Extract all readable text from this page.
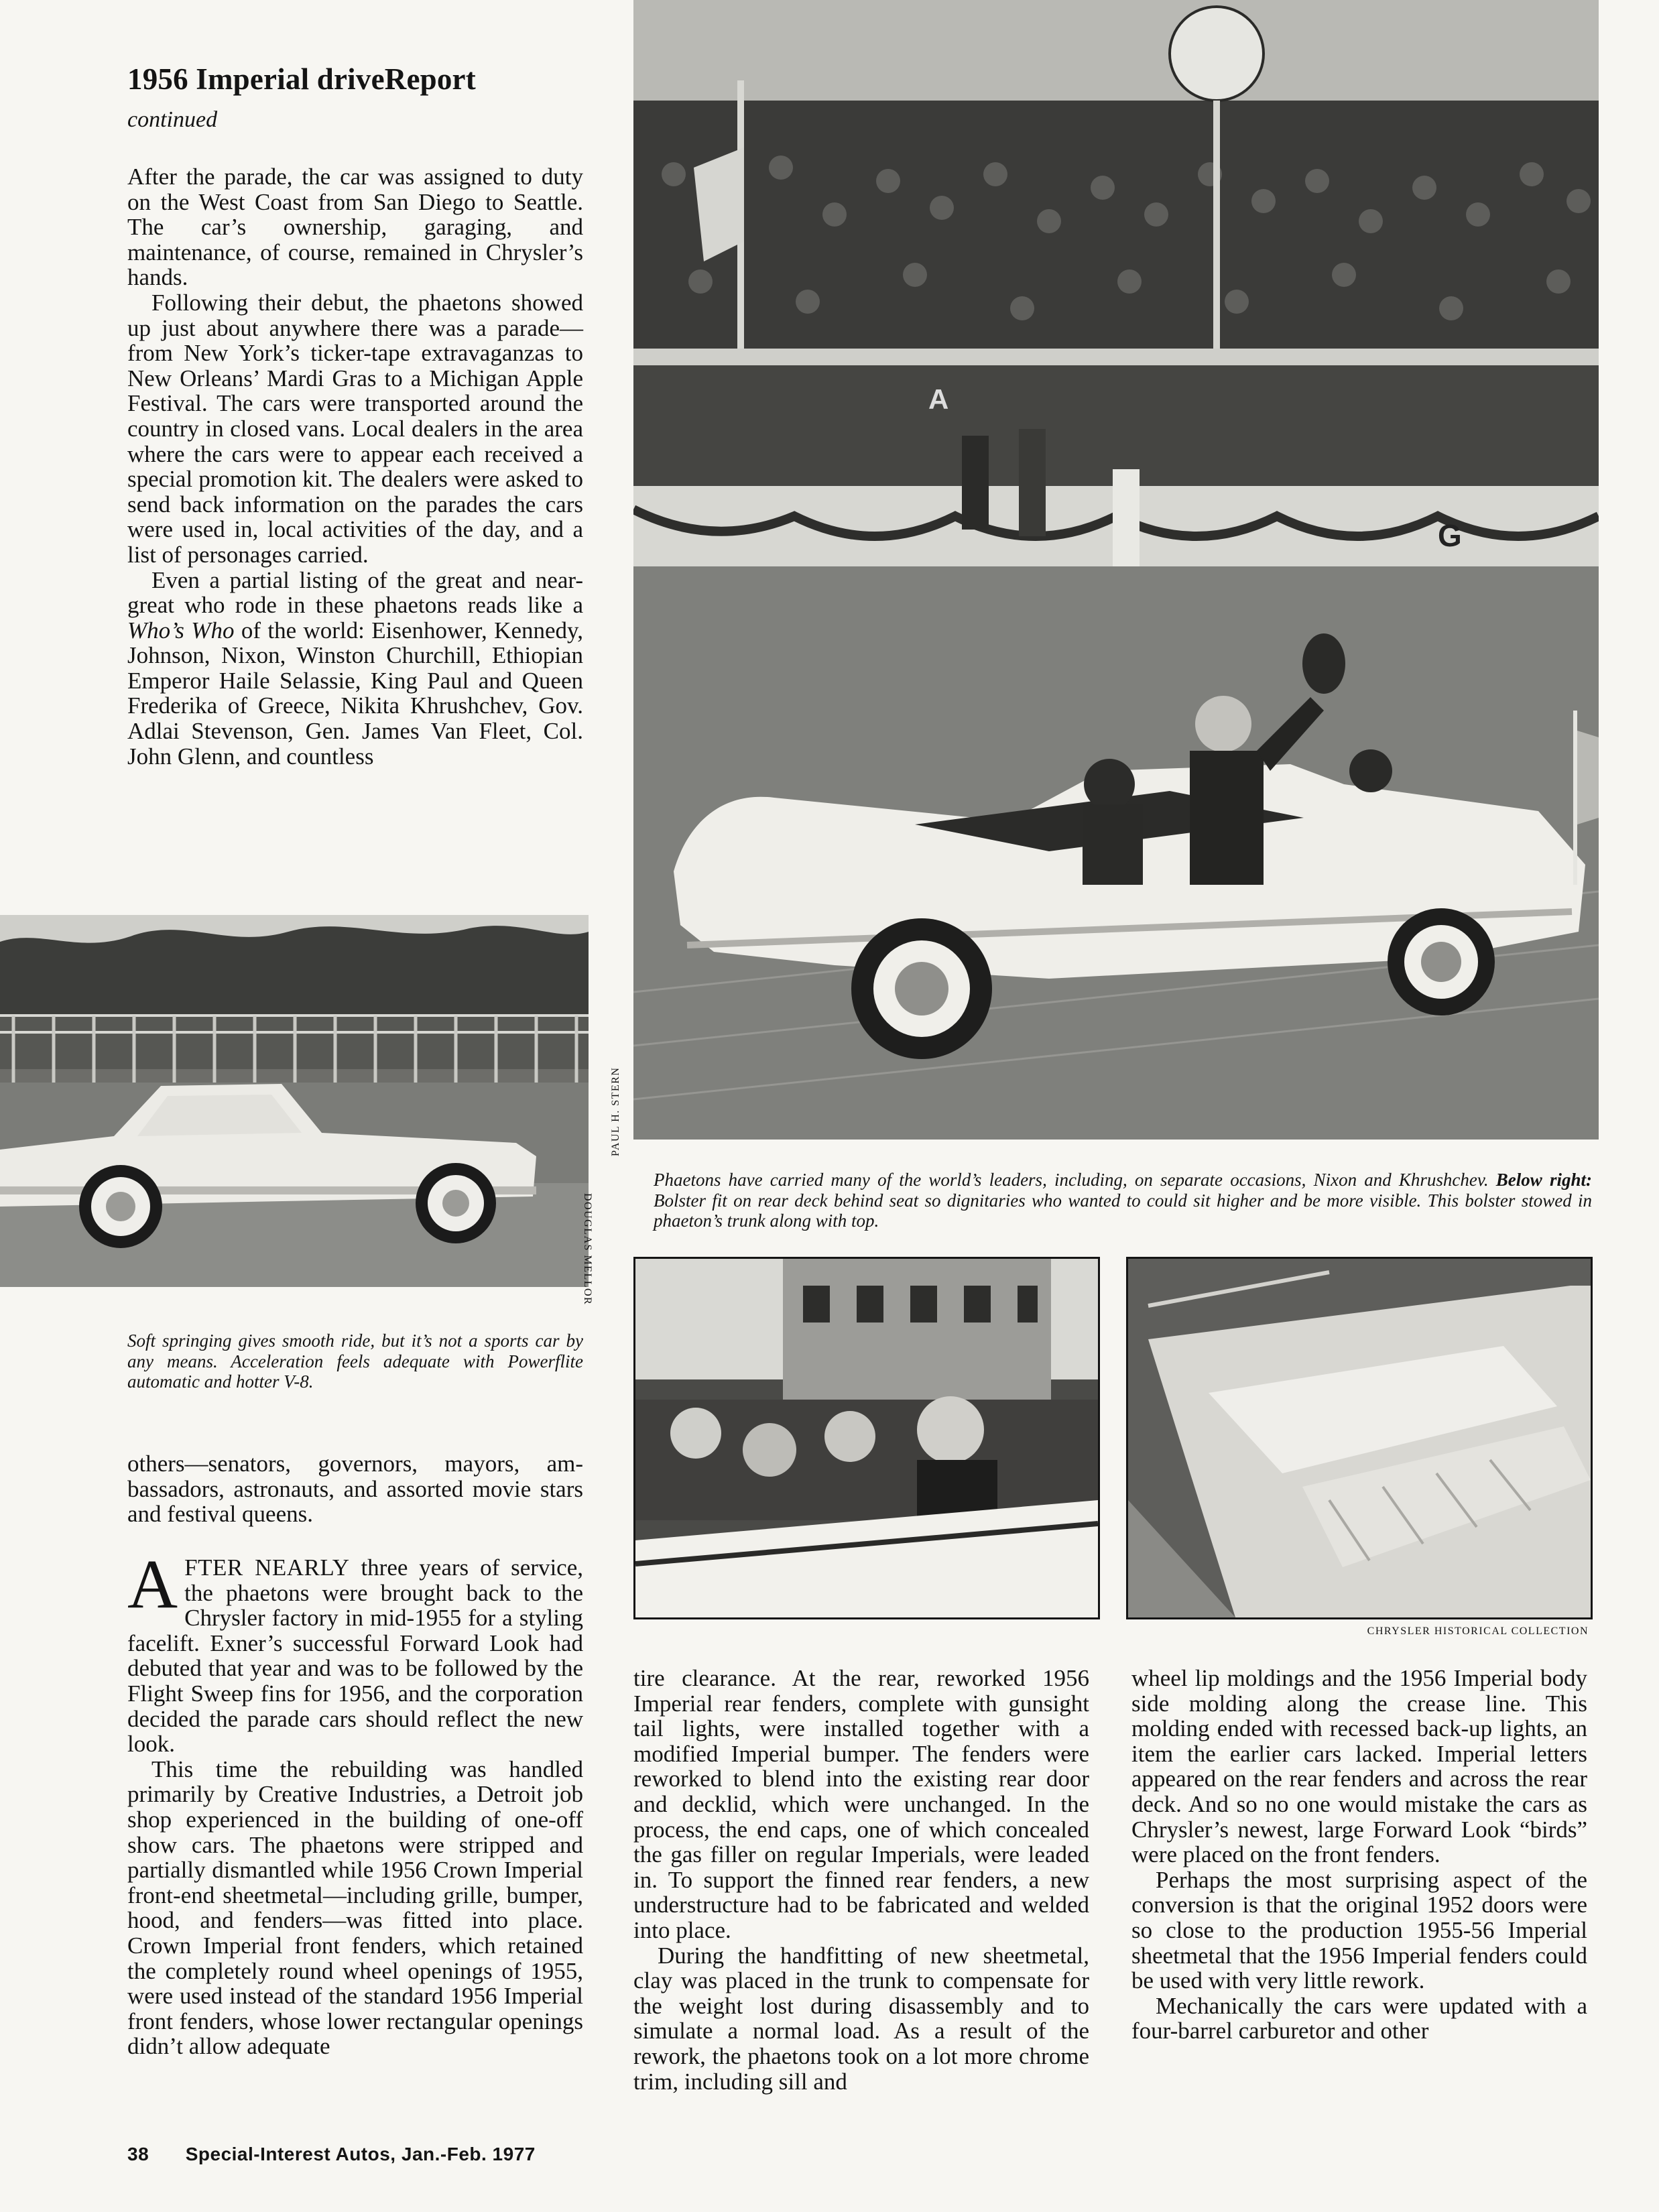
1956 Imperial driveReport
continued

After the parade, the car was assigned to duty on the West Coast from San Diego to Seattle. The car’s ownership, garaging, and maintenance, of course, remained in Chrysler’s hands.

Following their debut, the phaetons showed up just about anywhere there was a parade—from New York’s ticker-tape extravaganzas to New Orleans’ Mardi Gras to a Michigan Apple Festival. The cars were transported around the country in closed vans. Local dealers in the area where the cars were to appear each received a special promotion kit. The dealers were asked to send back information on the parades the cars were used in, local activities of the day, and a list of personages carried.

Even a partial listing of the great and near-great who rode in these phaetons reads like a Who’s Who of the world: Eisenhower, Kennedy, Johnson, Nixon, Winston Churchill, Ethiopian Emperor Haile Selassie, King Paul and Queen Frederika of Greece, Nikita Khrushchev, Gov. Adlai Stevenson, Gen. James Van Fleet, Col. John Glenn, and countless

DOUGLAS MELLOR
Soft springing gives smooth ride, but it’s not a sports car by any means. Acceleration feels adequate with Powerflite automatic and hotter V-8.

others—senators, governors, mayors, ambassadors, astronauts, and assorted movie stars and festival queens.

AFTER NEARLY three years of service, the phaetons were brought back to the Chrysler factory in mid-1955 for a styling facelift. Exner’s successful Forward Look had debuted that year and was to be followed by the Flight Sweep fins for 1956, and the corporation decided the parade cars should reflect the new look.

This time the rebuilding was handled primarily by Creative Industries, a Detroit job shop experienced in the building of one-off show cars. The phaetons were stripped and partially dismantled while 1956 Crown Imperial front-end sheetmetal—including grille, bumper, hood, and fenders—was fitted into place. Crown Imperial front fenders, which retained the completely round wheel openings of 1955, were used instead of the standard 1956 Imperial front fenders, whose lower rectangular openings didn’t allow adequate

G
A
PAUL H. STERN
Phaetons have carried many of the world’s leaders, including, on separate occasions, Nixon and Khrushchev. Below right: Bolster fit on rear deck behind seat so dignitaries who wanted to could sit higher and be more visible. This bolster stowed in phaeton’s trunk along with top.
CHRYSLER HISTORICAL COLLECTION

tire clearance. At the rear, reworked 1956 Imperial rear fenders, complete with gunsight tail lights, were installed together with a modified Imperial bumper. The fenders were reworked to blend into the existing rear door and decklid, which were unchanged. In the process, the end caps, one of which concealed the gas filler on regular Imperials, were leaded in. To support the finned rear fenders, a new understructure had to be fabricated and welded into place.

During the handfitting of new sheetmetal, clay was placed in the trunk to compensate for the weight lost during disassembly and to simulate a normal load. As a result of the rework, the phaetons took on a lot more chrome trim, including sill and

wheel lip moldings and the 1956 Imperial body side molding along the crease line. This molding ended with recessed back-up lights, an item the earlier cars lacked. Imperial letters appeared on the rear fenders and across the rear deck. And so no one would mistake the cars as Chrysler’s newest, large Forward Look “birds” were placed on the front fenders.

Perhaps the most surprising aspect of the conversion is that the original 1952 doors were so close to the production 1955-56 Imperial sheetmetal that the 1956 Imperial fenders could be used with very little rework.

Mechanically the cars were updated with a four-barrel carburetor and other

38 Special-Interest Autos, Jan.-Feb. 1977
